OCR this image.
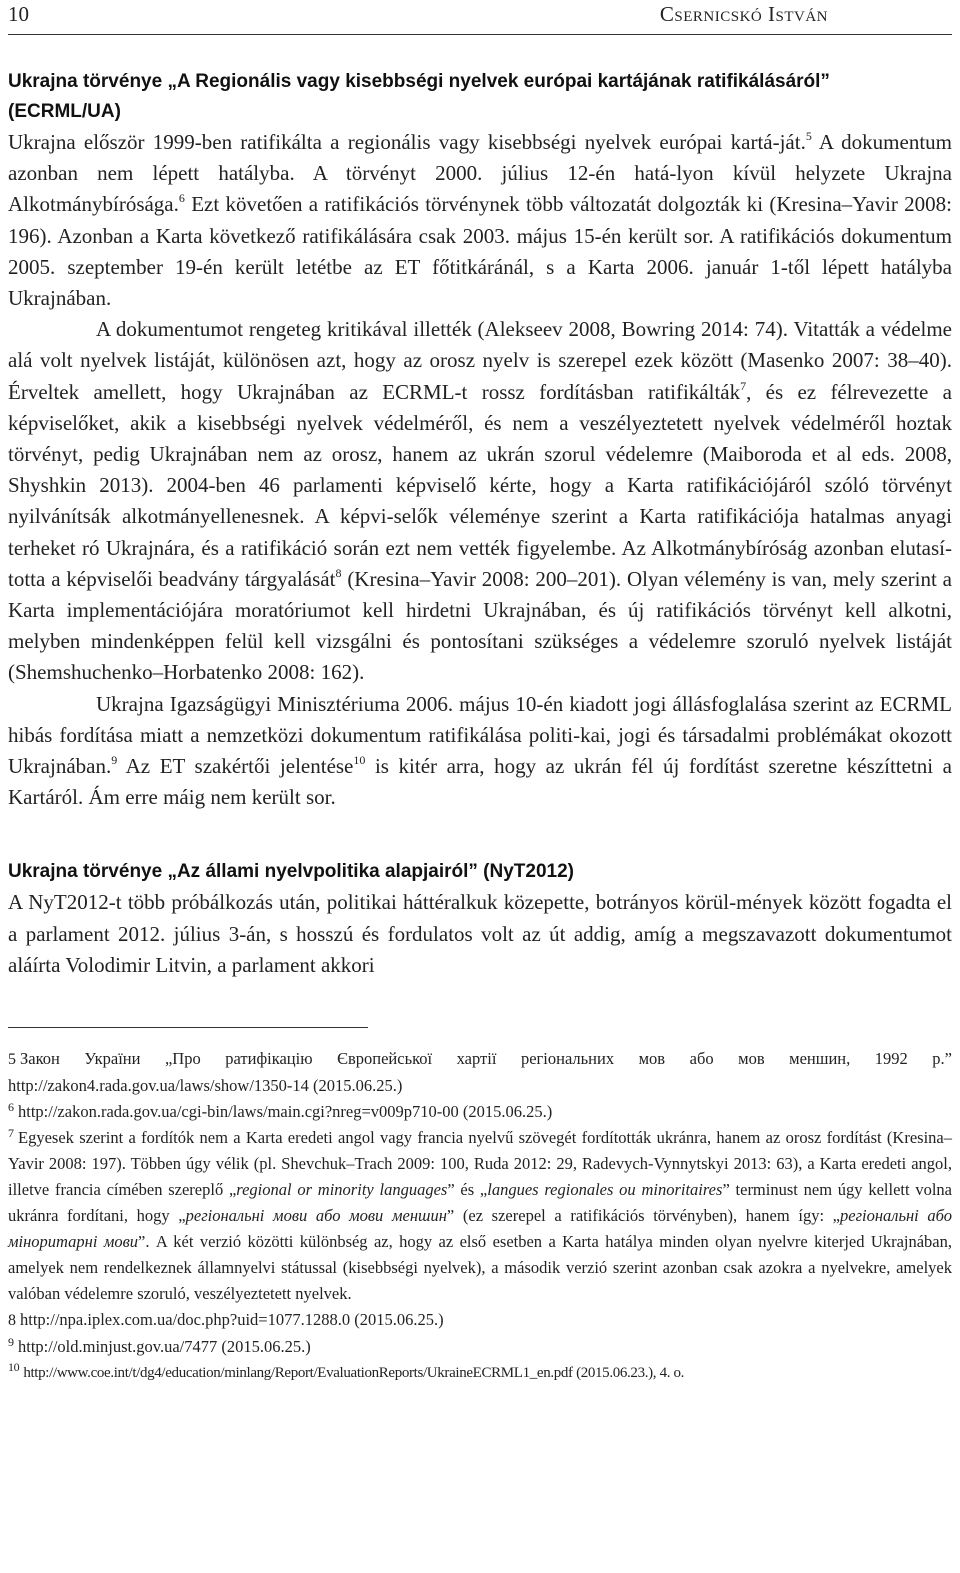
10	Csernicskó István
Ukrajna törvénye „A Regionális vagy kisebbségi nyelvek európai kartájának ratifikálásáról” (ECRML/UA)

Ukrajna először 1999-ben ratifikálta a regionális vagy kisebbségi nyelvek európai kartá-ját.$^5$ A dokumentum azonban nem lépett hatályba. A törvényt 2000. július 12-én hatá-lyon kívül helyzete Ukrajna Alkotmánybírósága.$^6$ Ezt követően a ratifikációs törvénynek több változatát dolgozták ki (Kresina–Yavir 2008: 196). Azonban a Karta következő ratifikálására csak 2003. május 15-én került sor. A ratifikációs dokumentum 2005. szeptember 19-én került letétbe az ET főtitkáránál, s a Karta 2006. január 1-től lépett hatályba Ukrajnában.

A dokumentumot rengeteg kritikával illették (Alekseev 2008, Bowring 2014: 74). Vitatták a védelme alá volt nyelvek listáját, különösen azt, hogy az orosz nyelv is szerepel ezek között (Masenko 2007: 38–40). Érveltek amellett, hogy Ukrajnában az ECRML-t rossz fordításban ratifikálták$^7$, és ez félrevezette a képviselőket, akik a kisebbségi nyelvek védelméről, és nem a veszélyeztetett nyelvek védelméről hoztak törvényt, pedig Ukrajnában nem az orosz, hanem az ukrán szorul védelemre (Maiboroda et al eds. 2008, Shyshkin 2013). 2004-ben 46 parlamenti képviselő kérte, hogy a Karta ratifikációjáról szóló törvényt nyilvánítsák alkotmányellenesnek. A képvi-selők véleménye szerint a Karta ratifikációja hatalmas anyagi terheket ró Ukrajnára, és a ratifikáció során ezt nem vették figyelembe. Az Alkotmánybíróság azonban elutasí-totta a képviselői beadvány tárgyalását$^8$ (Kresina–Yavir 2008: 200–201). Olyan vélemény is van, mely szerint a Karta implementációjára moratóriumot kell hirdetni Ukrajnában, és új ratifikációs törvényt kell alkotni, melyben mindenképpen felül kell vizsgálni és pontosítani szükséges a védelemre szoruló nyelvek listáját (Shemshuchenko–Horbatenko 2008: 162).

Ukrajna Igazságügyi Minisztériuma 2006. május 10-én kiadott jogi állásfoglalása szerint az ECRML hibás fordítása miatt a nemzetközi dokumentum ratifikálása politi-kai, jogi és társadalmi problémákat okozott Ukrajnában.$^9$ Az ET szakértői jelentése$^{10}$ is kitér arra, hogy az ukrán fél új fordítást szeretne készíttetni a Kartáról. Ám erre máig nem került sor.

Ukrajna törvénye „Az állami nyelvpolitika alapjairól” (NyT2012)

A NyT2012-t több próbálkozás után, politikai háttéralkuk közepette, botrányos körül-mények között fogadta el a parlament 2012. július 3-án, s hosszú és fordulatos volt az út addig, amíg a megszavazott dokumentumot aláírta Volodimir Litvin, a parlament akkori

5 Закон України „Про ратифікацію Європейської хартії регіональних мов або мов меншин, 1992 р.” http://zakon4.rada.gov.ua/laws/show/1350-14 (2015.06.25.)

$^6$ http://zakon.rada.gov.ua/cgi-bin/laws/main.cgi?nreg=v009p710-00 (2015.06.25.)

$^7$ Egyesek szerint a fordítók nem a Karta eredeti angol vagy francia nyelvű szövegét fordították ukránra, hanem az orosz fordítást (Kresina–Yavir 2008: 197). Többen úgy vélik (pl. Shevchuk–Trach 2009: 100, Ruda 2012: 29, Radevych-Vynnytskyi 2013: 63), a Karta eredeti angol, illetve francia címében szereplő „regional or minority languages” és „langues regionales ou minoritaires” terminust nem úgy kellett volna ukránra fordítani, hogy „регіональні мови або мови меншин” (ez szerepel a ratifikációs törvényben), hanem így: „регіональні або міноритарні мови”. A két verzió közötti különbség az, hogy az első esetben a Karta hatálya minden olyan nyelvre kiterjed Ukrajnában, amelyek nem rendelkeznek államnyelvi státussal (kisebbségi nyelvek), a második verzió szerint azonban csak azokra a nyelvekre, amelyek valóban védelemre szoruló, veszélyeztetett nyelvek.

8 http://npa.iplex.com.ua/doc.php?uid=1077.1288.0 (2015.06.25.)

$^9$ http://old.minjust.gov.ua/7477 (2015.06.25.)

$^{10}$ http://www.coe.int/t/dg4/education/minlang/Report/EvaluationReports/UkraineECRML1_en.pdf (2015.06.23.), 4. o.
